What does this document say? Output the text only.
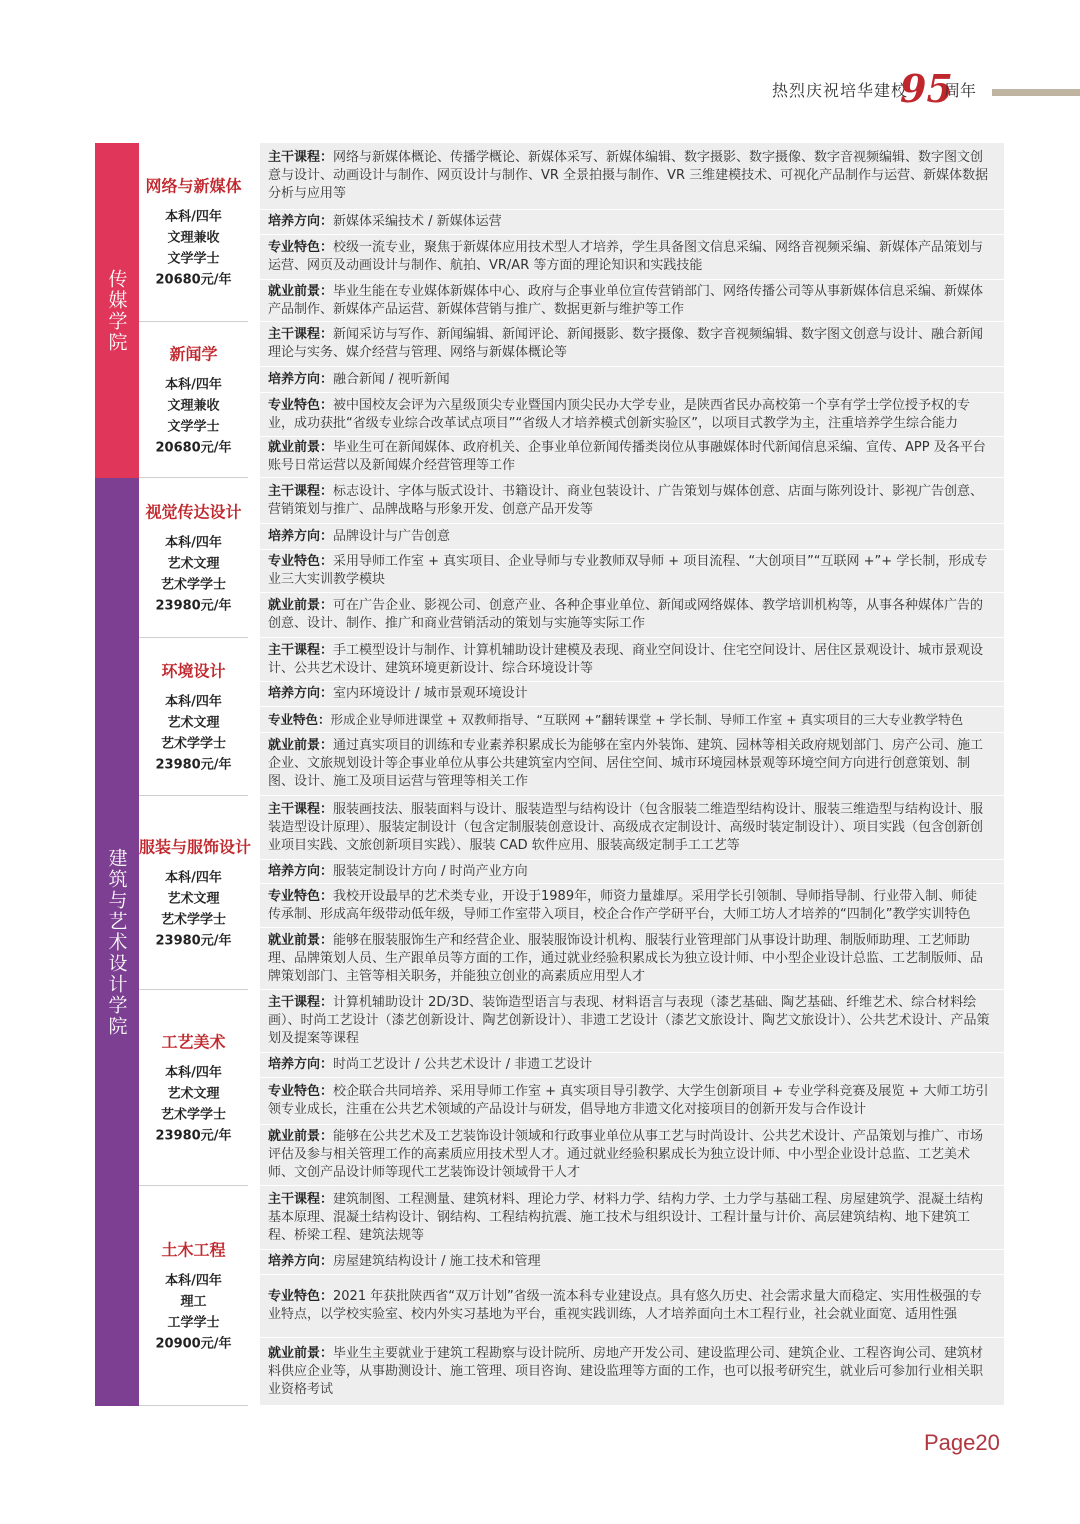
热烈庆祝培华建校
95
周年
传媒学院
建筑与艺术设计学院
网络与新媒体
本科/四年
文理兼收
文学学士
20680元/年
主干课程：网络与新媒体概论、传播学概论、新媒体采写、新媒体编辑、数字摄影、数字摄像、数字音视频编辑、数字图文创意与设计、动画设计与制作、网页设计与制作、VR 全景拍摄与制作、VR 三维建模技术、可视化产品制作与运营、新媒体数据分析与应用等
培养方向：新媒体采编技术 / 新媒体运营
专业特色：校级一流专业，聚焦于新媒体应用技术型人才培养，学生具备图文信息采编、网络音视频采编、新媒体产品策划与运营、网页及动画设计与制作、航拍、VR/AR 等方面的理论知识和实践技能
就业前景：毕业生能在专业媒体新媒体中心、政府与企事业单位宣传营销部门、网络传播公司等从事新媒体信息采编、新媒体产品制作、新媒体产品运营、新媒体营销与推广、数据更新与维护等工作
新闻学
本科/四年
文理兼收
文学学士
20680元/年
主干课程：新闻采访与写作、新闻编辑、新闻评论、新闻摄影、数字摄像、数字音视频编辑、数字图文创意与设计、融合新闻理论与实务、媒介经营与管理、网络与新媒体概论等
培养方向：融合新闻 / 视听新闻
专业特色：被中国校友会评为六星级顶尖专业暨国内顶尖民办大学专业，是陕西省民办高校第一个享有学士学位授予权的专业，成功获批“省级专业综合改革试点项目”“省级人才培养模式创新实验区”，以项目式教学为主，注重培养学生综合能力
就业前景：毕业生可在新闻媒体、政府机关、企事业单位新闻传播类岗位从事融媒体时代新闻信息采编、宣传、APP 及各平台账号日常运营以及新闻媒介经营管理等工作
视觉传达设计
本科/四年
艺术文理
艺术学学士
23980元/年
主干课程：标志设计、字体与版式设计、书籍设计、商业包装设计、广告策划与媒体创意、店面与陈列设计、影视广告创意、营销策划与推广、品牌战略与形象开发、创意产品开发等
培养方向：品牌设计与广告创意
专业特色：采用导师工作室 + 真实项目、企业导师与专业教师双导师 + 项目流程、“大创项目”“互联网 +”+ 学长制，形成专业三大实训教学模块
就业前景：可在广告企业、影视公司、创意产业、各种企事业单位、新闻或网络媒体、教学培训机构等，从事各种媒体广告的创意、设计、制作、推广和商业营销活动的策划与实施等实际工作
环境设计
本科/四年
艺术文理
艺术学学士
23980元/年
主干课程：手工模型设计与制作、计算机辅助设计建模及表现、商业空间设计、住宅空间设计、居住区景观设计、城市景观设计、公共艺术设计、建筑环境更新设计、综合环境设计等
培养方向：室内环境设计 / 城市景观环境设计
专业特色：形成企业导师进课堂 + 双教师指导、“互联网 +”翻转课堂 + 学长制、导师工作室 + 真实项目的三大专业教学特色
就业前景：通过真实项目的训练和专业素养积累成长为能够在室内外装饰、建筑、园林等相关政府规划部门、房产公司、施工企业、文旅规划设计等企事业单位从事公共建筑室内空间、居住空间、城市环境园林景观等环境空间方向进行创意策划、制图、设计、施工及项目运营与管理等相关工作
服装与服饰设计
本科/四年
艺术文理
艺术学学士
23980元/年
主干课程：服装画技法、服装面料与设计、服装造型与结构设计（包含服装二维造型结构设计、服装三维造型与结构设计、服装造型设计原理）、服装定制设计（包含定制服装创意设计、高级成衣定制设计、高级时装定制设计）、项目实践（包含创新创业项目实践、文旅创新项目实践）、服装 CAD 软件应用、服装高级定制手工工艺等
培养方向：服装定制设计方向 / 时尚产业方向
专业特色：我校开设最早的艺术类专业，开设于1989年，师资力量雄厚。采用学长引领制、导师指导制、行业带入制、师徒传承制、形成高年级带动低年级，导师工作室带入项目，校企合作产学研平台，大师工坊人才培养的“四制化”教学实训特色
就业前景：能够在服装服饰生产和经营企业、服装服饰设计机构、服装行业管理部门从事设计助理、制版师助理、工艺师助理、品牌策划人员、生产跟单员等方面的工作，通过就业经验积累成长为独立设计师、中小型企业设计总监、工艺制版师、品牌策划部门、主管等相关职务，并能独立创业的高素质应用型人才
工艺美术
本科/四年
艺术文理
艺术学学士
23980元/年
主干课程：计算机辅助设计 2D/3D、装饰造型语言与表现、材料语言与表现（漆艺基础、陶艺基础、纤维艺术、综合材料绘画）、时尚工艺设计（漆艺创新设计、陶艺创新设计）、非遗工艺设计（漆艺文旅设计、陶艺文旅设计）、公共艺术设计、产品策划及提案等课程
培养方向：时尚工艺设计 / 公共艺术设计 / 非遗工艺设计
专业特色：校企联合共同培养、采用导师工作室 + 真实项目导引教学、大学生创新项目 + 专业学科竞赛及展览 + 大师工坊引领专业成长，注重在公共艺术领域的产品设计与研发，倡导地方非遗文化对接项目的创新开发与合作设计
就业前景：能够在公共艺术及工艺装饰设计领域和行政事业单位从事工艺与时尚设计、公共艺术设计、产品策划与推广、市场评估及参与相关管理工作的高素质应用技术型人才。通过就业经验积累成长为独立设计师、中小型企业设计总监、工艺美术师、文创产品设计师等现代工艺装饰设计领域骨干人才
土木工程
本科/四年
理工
工学学士
20900元/年
主干课程：建筑制图、工程测量、建筑材料、理论力学、材料力学、结构力学、土力学与基础工程、房屋建筑学、混凝土结构基本原理、混凝土结构设计、钢结构、工程结构抗震、施工技术与组织设计、工程计量与计价、高层建筑结构、地下建筑工程、桥梁工程、建筑法规等
培养方向：房屋建筑结构设计 / 施工技术和管理
专业特色：2021 年获批陕西省“双万计划”省级一流本科专业建设点。具有悠久历史、社会需求量大而稳定、实用性极强的专业特点，以学校实验室、校内外实习基地为平台，重视实践训练，人才培养面向土木工程行业，社会就业面宽、适用性强
就业前景：毕业生主要就业于建筑工程勘察与设计院所、房地产开发公司、建设监理公司、建筑企业、工程咨询公司、建筑材料供应企业等，从事勘测设计、施工管理、项目咨询、建设监理等方面的工作，也可以报考研究生，就业后可参加行业相关职业资格考试
Page20
